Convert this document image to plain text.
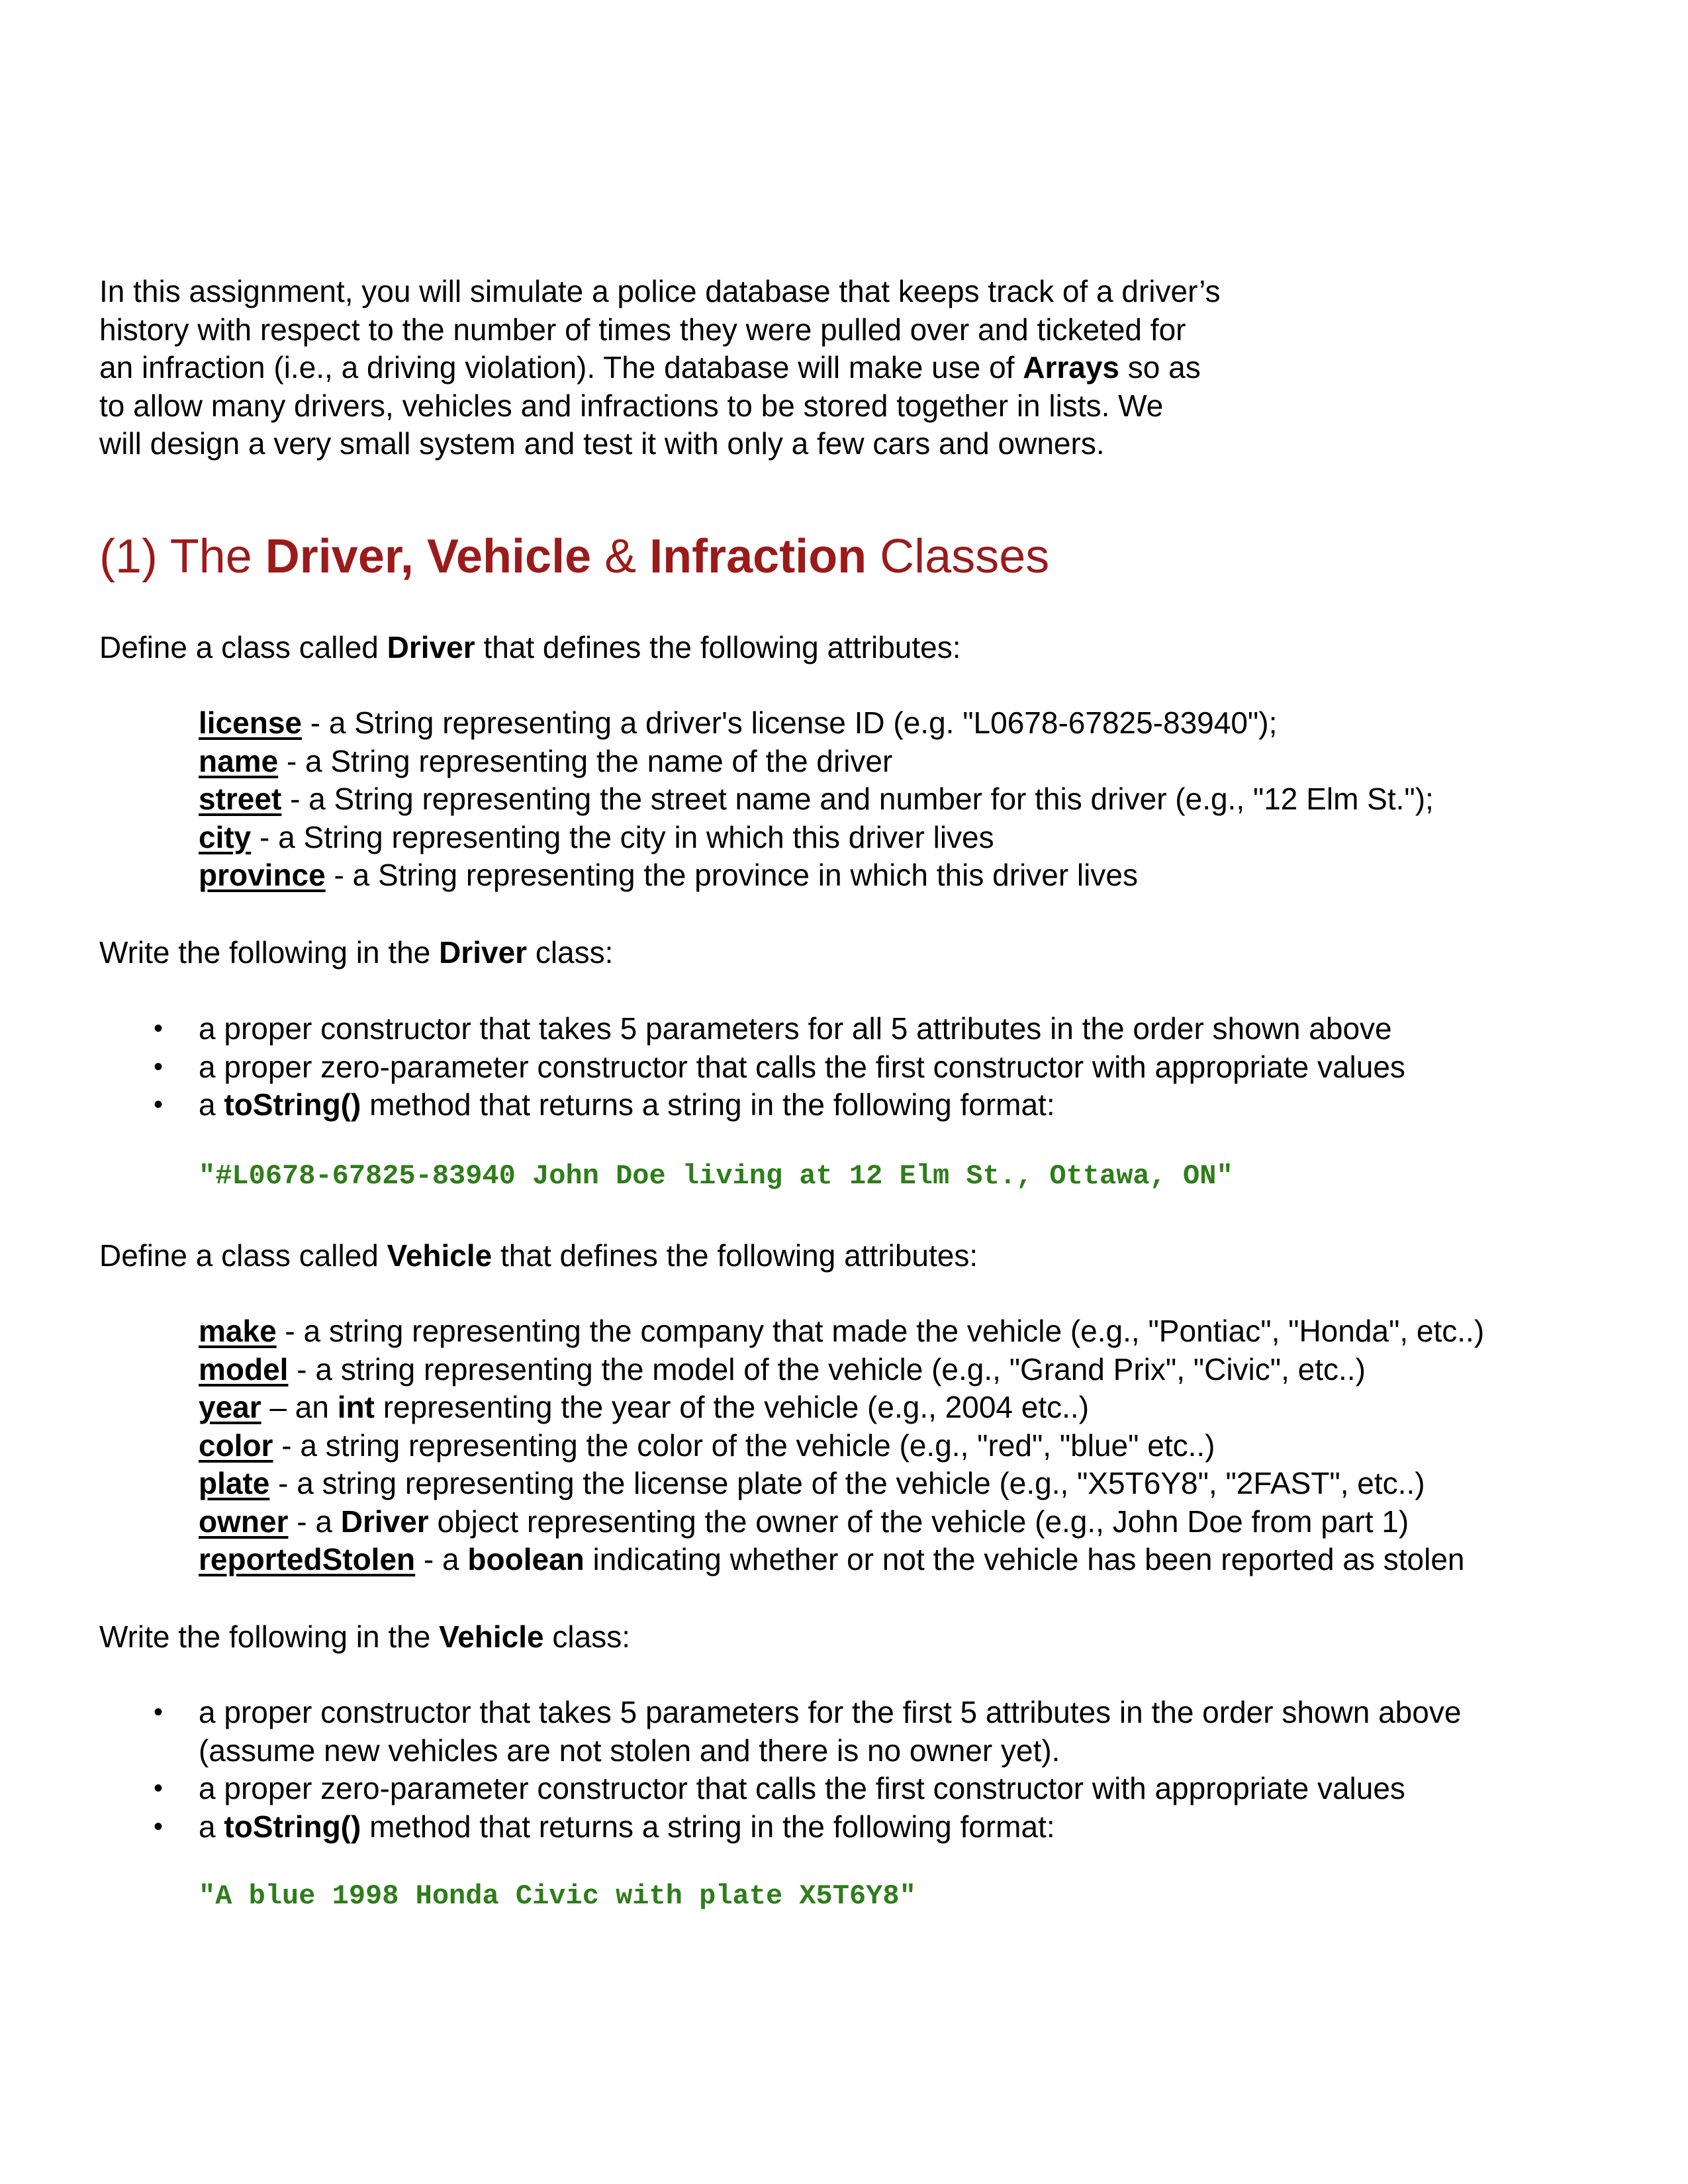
In this assignment, you will simulate a police database that keeps track of a driver’s
history with respect to the number of times they were pulled over and ticketed for
an infraction (i.e., a driving violation). The database will make use of Arrays so as
to allow many drivers, vehicles and infractions to be stored together in lists. We
will design a very small system and test it with only a few cars and owners.

(1) The Driver, Vehicle & Infraction Classes

Define a class called Driver that defines the following attributes:

license - a String representing a driver's license ID (e.g. "L0678-67825-83940");
name - a String representing the name of the driver
street - a String representing the street name and number for this driver (e.g., "12 Elm St.");
city - a String representing the city in which this driver lives
province - a String representing the province in which this driver lives

Write the following in the Driver class:

• a proper constructor that takes 5 parameters for all 5 attributes in the order shown above
• a proper zero-parameter constructor that calls the first constructor with appropriate values
• a toString() method that returns a string in the following format:
"#L0678-67825-83940 John Doe living at 12 Elm St., Ottawa, ON"

Define a class called Vehicle that defines the following attributes:

make - a string representing the company that made the vehicle (e.g., "Pontiac", "Honda", etc..)
model - a string representing the model of the vehicle (e.g., "Grand Prix", "Civic", etc..)
year – an int representing the year of the vehicle (e.g., 2004 etc..)
color - a string representing the color of the vehicle (e.g., "red", "blue" etc..)
plate - a string representing the license plate of the vehicle (e.g., "X5T6Y8", "2FAST", etc..)
owner - a Driver object representing the owner of the vehicle (e.g., John Doe from part 1)
reportedStolen - a boolean indicating whether or not the vehicle has been reported as stolen

Write the following in the Vehicle class:

• a proper constructor that takes 5 parameters for the first 5 attributes in the order shown above
(assume new vehicles are not stolen and there is no owner yet).
• a proper zero-parameter constructor that calls the first constructor with appropriate values
• a toString() method that returns a string in the following format:
"A blue 1998 Honda Civic with plate X5T6Y8"
